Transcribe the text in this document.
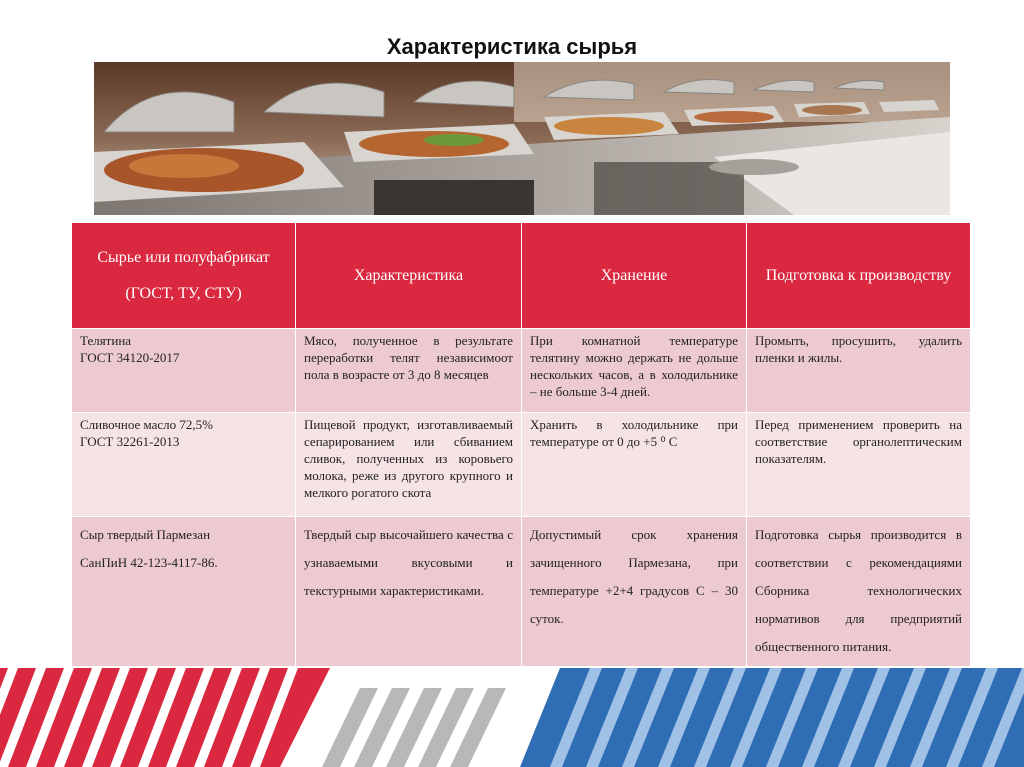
Характеристика сырья
Сырье или полуфабрикат (ГОСТ, ТУ, СТУ)	Характеристика	Хранение	Подготовка к производству

Телятина
ГОСТ 34120-2017	Мясо, полученное в результате переработки телят независимоот пола в возрасте от 3 до 8 месяцев	При комнатной температуре телятину можно держать не дольше нескольких часов, а в холодильнике – не больше 3-4 дней.	Промыть, просушить, удалить пленки и жилы.

Сливочное масло 72,5%
ГОСТ 32261-2013	Пищевой продукт, изготавливаемый сепарированием или сбиванием сливок, полученных из коровьего молока, реже из другого крупного и мелкого рогатого скота	Хранить в холодильнике при температуре от 0 до +5 ⁰ С	Перед применением проверить на соответствие органолептическим показателям.

Сыр твердый Пармезан
СанПиН 42-123-4117-86.	Твердый сыр высочайшего качества с узнаваемыми вкусовыми и текстурными характеристиками.	Допустимый срок хранения зачищенного Пармезана, при температуре +2+4 градусов С – 30 суток.	Подготовка сырья производится в соответствии с рекомендациями Сборника технологических нормативов для предприятий общественного питания.
